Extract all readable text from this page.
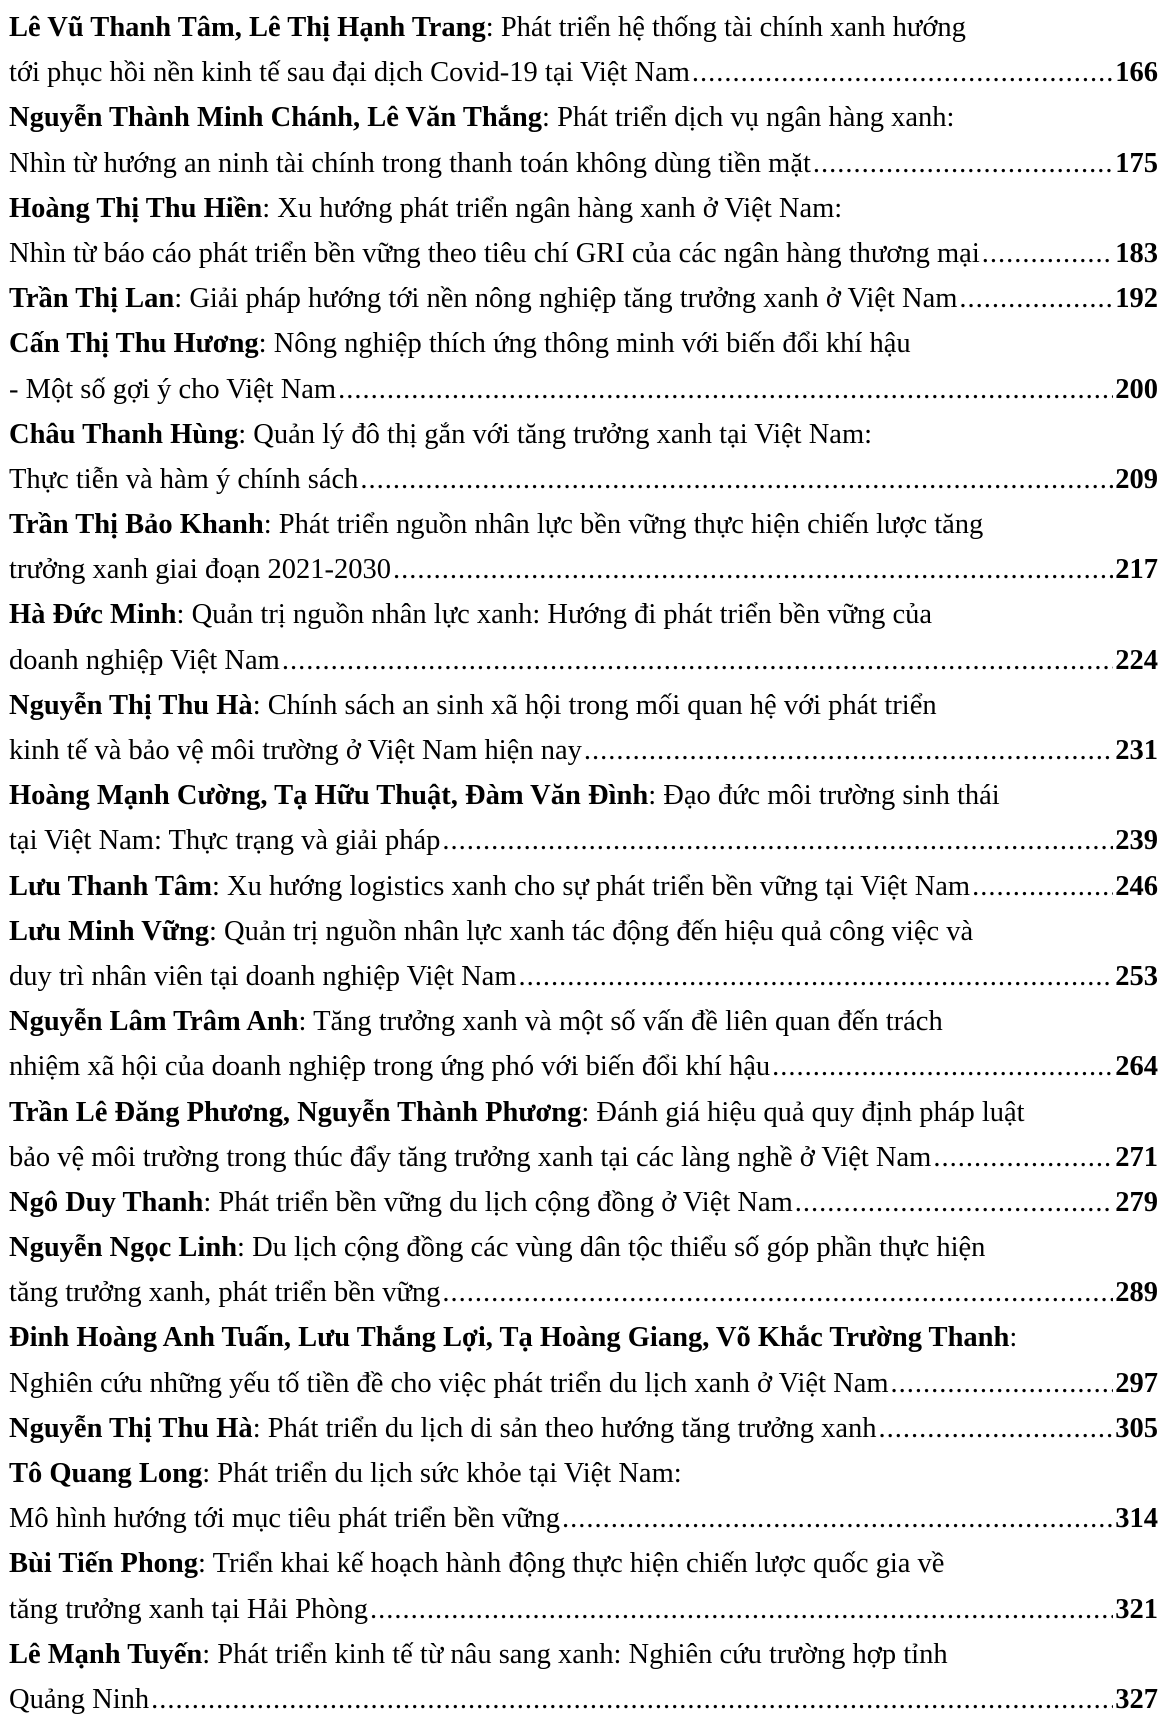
Lê Vũ Thanh Tâm, Lê Thị Hạnh Trang : Phát triển hệ thống tài chính xanh hướng
tới phục hồi nền kinh tế sau đại dịch Covid-19 tại Việt Nam .....	166
Nguyễn Thành Minh Chánh, Lê Văn Thắng : Phát triển dịch vụ ngân hàng xanh:
Nhìn từ hướng an ninh tài chính trong thanh toán không dùng tiền mặt .....	175
Hoàng Thị Thu Hiền : Xu hướng phát triển ngân hàng xanh ở Việt Nam:
Nhìn từ báo cáo phát triển bền vững theo tiêu chí GRI của các ngân hàng thương mại .....	183
Trần Thị Lan : Giải pháp hướng tới nền nông nghiệp tăng trưởng xanh ở Việt Nam .....	192
Cấn Thị Thu Hương : Nông nghiệp thích ứng thông minh với biến đổi khí hậu
- Một số gợi ý cho Việt Nam .....	200
Châu Thanh Hùng : Quản lý đô thị gắn với tăng trưởng xanh tại Việt Nam:
Thực tiễn và hàm ý chính sách .....	209
Trần Thị Bảo Khanh : Phát triển nguồn nhân lực bền vững thực hiện chiến lược tăng
trưởng xanh giai đoạn 2021-2030 .....	217
Hà Đức Minh : Quản trị nguồn nhân lực xanh: Hướng đi phát triển bền vững của
doanh nghiệp Việt Nam .....	224
Nguyễn Thị Thu Hà : Chính sách an sinh xã hội trong mối quan hệ với phát triển
kinh tế và bảo vệ môi trường ở Việt Nam hiện nay .....	231
Hoàng Mạnh Cường, Tạ Hữu Thuật, Đàm Văn Đình : Đạo đức môi trường sinh thái
tại Việt Nam: Thực trạng và giải pháp .....	239
Lưu Thanh Tâm : Xu hướng logistics xanh cho sự phát triển bền vững tại Việt Nam .....	246
Lưu Minh Vững : Quản trị nguồn nhân lực xanh tác động đến hiệu quả công việc và
duy trì nhân viên tại doanh nghiệp Việt Nam .....	253
Nguyễn Lâm Trâm Anh : Tăng trưởng xanh và một số vấn đề liên quan đến trách
nhiệm xã hội của doanh nghiệp trong ứng phó với biến đổi khí hậu .....	264
Trần Lê Đăng Phương, Nguyễn Thành Phương : Đánh giá hiệu quả quy định pháp luật
bảo vệ môi trường trong thúc đẩy tăng trưởng xanh tại các làng nghề ở Việt Nam .....	271
Ngô Duy Thanh : Phát triển bền vững du lịch cộng đồng ở Việt Nam .....	279
Nguyễn Ngọc Linh : Du lịch cộng đồng các vùng dân tộc thiểu số góp phần thực hiện
tăng trưởng xanh, phát triển bền vững .....	289
Đinh Hoàng Anh Tuấn, Lưu Thắng Lợi, Tạ Hoàng Giang, Võ Khắc Trường Thanh :
Nghiên cứu những yếu tố tiền đề cho việc phát triển du lịch xanh ở Việt Nam .....	297
Nguyễn Thị Thu Hà : Phát triển du lịch di sản theo hướng tăng trưởng xanh .....	305
Tô Quang Long : Phát triển du lịch sức khỏe tại Việt Nam:
Mô hình hướng tới mục tiêu phát triển bền vững .....	314
Bùi Tiến Phong : Triển khai kế hoạch hành động thực hiện chiến lược quốc gia về
tăng trưởng xanh tại Hải Phòng .....	321
Lê Mạnh Tuyến : Phát triển kinh tế từ nâu sang xanh: Nghiên cứu trường hợp tỉnh
Quảng Ninh .....	327
